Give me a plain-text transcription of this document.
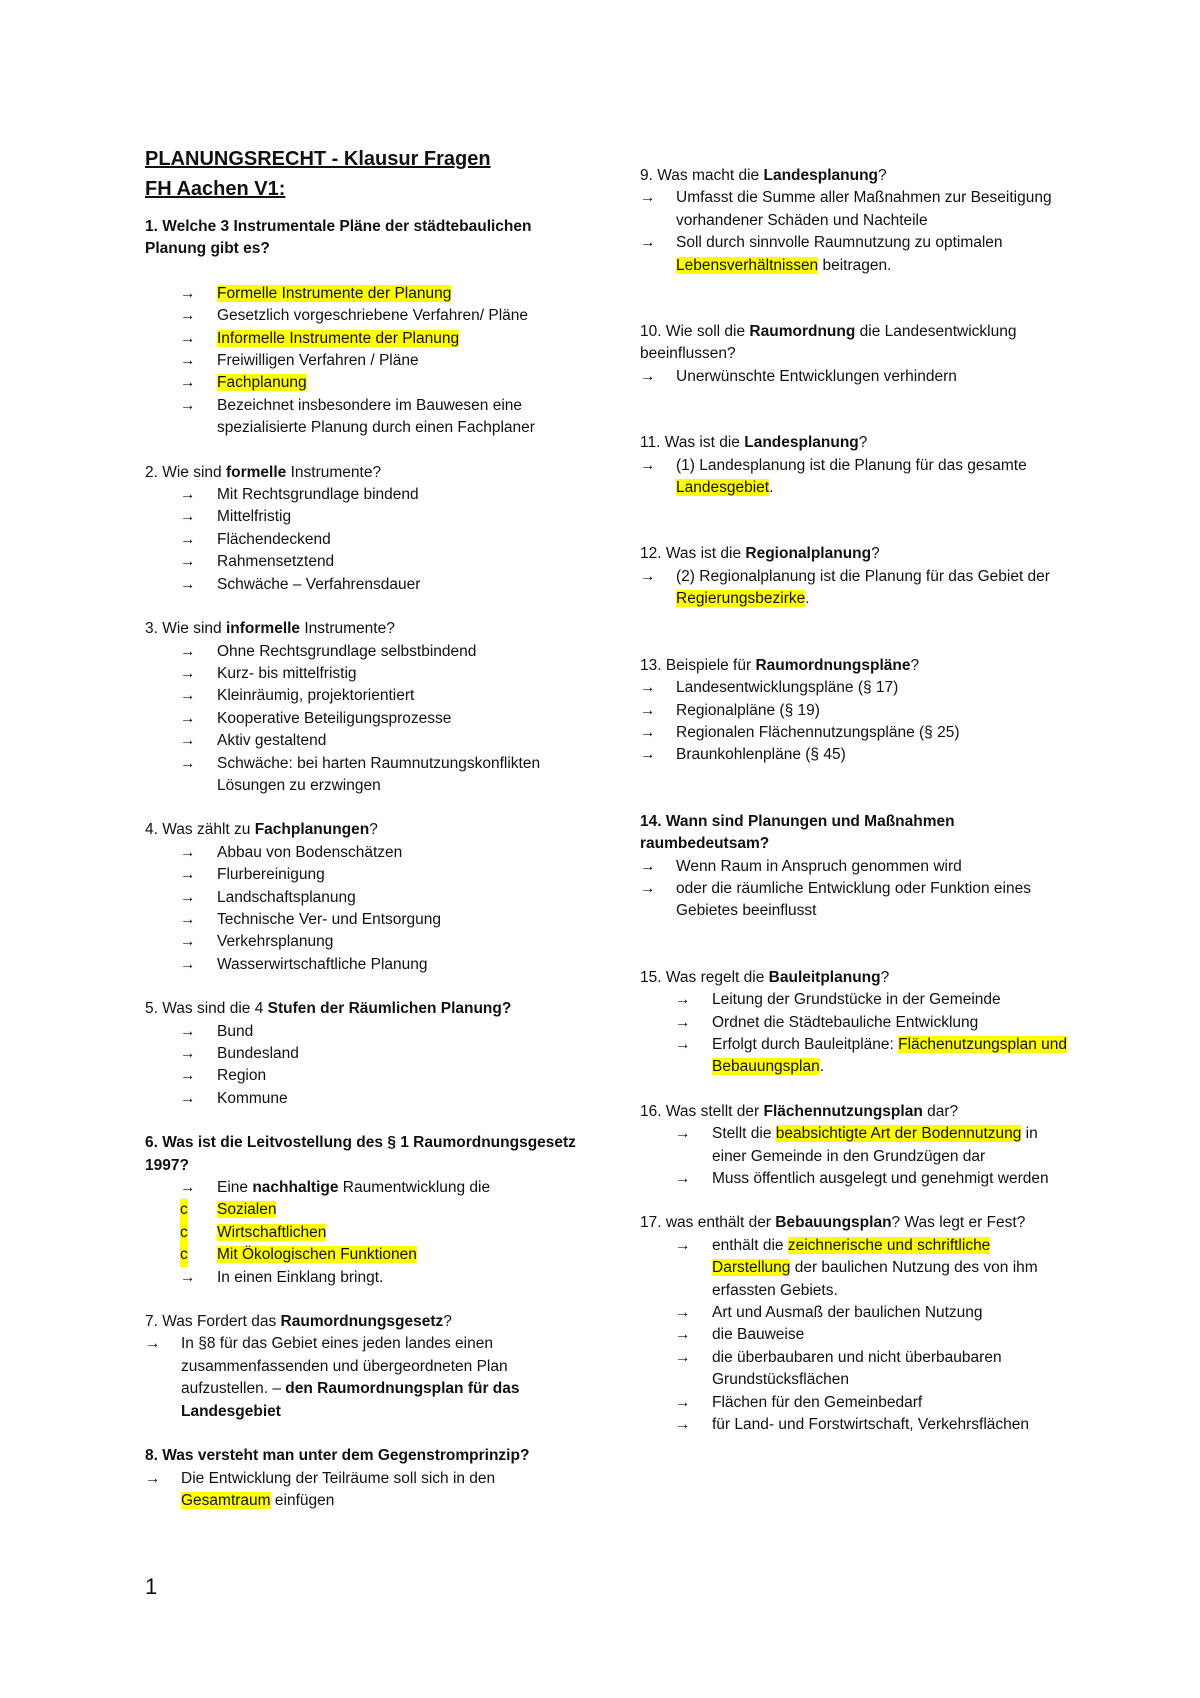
PLANUNGSRECHT - Klausur Fragen
FH Aachen V1:
1. Welche 3 Instrumentale Pläne der städtebaulichen Planung gibt es?
→ Formelle Instrumente der Planung
→ Gesetzlich vorgeschriebene Verfahren/ Pläne
→ Informelle Instrumente der Planung
→ Freiwilligen Verfahren / Pläne
→ Fachplanung
→ Bezeichnet insbesondere im Bauwesen eine spezialisierte Planung durch einen Fachplaner
2. Wie sind formelle Instrumente?
→ Mit Rechtsgrundlage bindend
→ Mittelfristig
→ Flächendeckend
→ Rahmensetztend
→ Schwäche – Verfahrensdauer
3. Wie sind informelle Instrumente?
→ Ohne Rechtsgrundlage selbstbindend
→ Kurz- bis mittelfristig
→ Kleinräumig, projektorientiert
→ Kooperative Beteiligungsprozesse
→ Aktiv gestaltend
→ Schwäche: bei harten Raumnutzungskonflikten Lösungen zu erzwingen
4. Was zählt zu Fachplanungen?
→ Abbau von Bodenschätzen
→ Flurbereinigung
→ Landschaftsplanung
→ Technische Ver- und Entsorgung
→ Verkehrsplanung
→ Wasserwirtschaftliche Planung
5. Was sind die 4 Stufen der Räumlichen Planung?
→ Bund
→ Bundesland
→ Region
→ Kommune
6. Was ist die Leitvostellung des § 1 Raumordnungsgesetz 1997?
→ Eine nachhaltige Raumentwicklung die
c Sozialen
c Wirtschaftlichen
c Mit Ökologischen Funktionen
→ In einen Einklang bringt.
7. Was Fordert das Raumordnungsgesetz?
→ In §8 für das Gebiet eines jeden landes einen zusammenfassenden und übergeordneten Plan aufzustellen. – den Raumordnungsplan für das Landesgebiet
8. Was versteht man unter dem Gegenstromprinzip?
→ Die Entwicklung der Teilräume soll sich in den Gesamtraum einfügen
9. Was macht die Landesplanung?
→ Umfasst die Summe aller Maßnahmen zur Beseitigung vorhandener Schäden und Nachteile
→ Soll durch sinnvolle Raumnutzung zu optimalen Lebensverhältnissen beitragen.
10. Wie soll die Raumordnung die Landesentwicklung beeinflussen?
→ Unerwünschte Entwicklungen verhindern
11. Was ist die Landesplanung?
→ (1) Landesplanung ist die Planung für das gesamte Landesgebiet.
12. Was ist die Regionalplanung?
→ (2) Regionalplanung ist die Planung für das Gebiet der Regierungsbezirke.
13. Beispiele für Raumordnungspläne?
→ Landesentwicklungspläne (§ 17)
→ Regionalpläne (§ 19)
→ Regionalen Flächennutzungspläne (§ 25)
→ Braunkohlenpläne (§ 45)
14. Wann sind Planungen und Maßnahmen raumbedeutsam?
→ Wenn Raum in Anspruch genommen wird
→ oder die räumliche Entwicklung oder Funktion eines Gebietes beeinflusst
15. Was regelt die Bauleitplanung?
→ Leitung der Grundstücke in der Gemeinde
→ Ordnet die Städtebauliche Entwicklung
→ Erfolgt durch Bauleitpläne: Flächenutzungsplan und Bebauungsplan.
16. Was stellt der Flächennutzungsplan dar?
→ Stellt die beabsichtigte Art der Bodennutzung in einer Gemeinde in den Grundzügen dar
→ Muss öffentlich ausgelegt und genehmigt werden
17. was enthält der Bebauungsplan? Was legt er Fest?
→ enthält die zeichnerische und schriftliche Darstellung der baulichen Nutzung des von ihm erfassten Gebiets.
→ Art und Ausmaß der baulichen Nutzung
→ die Bauweise
→ die überbaubaren und nicht überbaubaren Grundstücksflächen
→ Flächen für den Gemeinbedarf
→ für Land- und Forstwirtschaft, Verkehrsflächen
1
